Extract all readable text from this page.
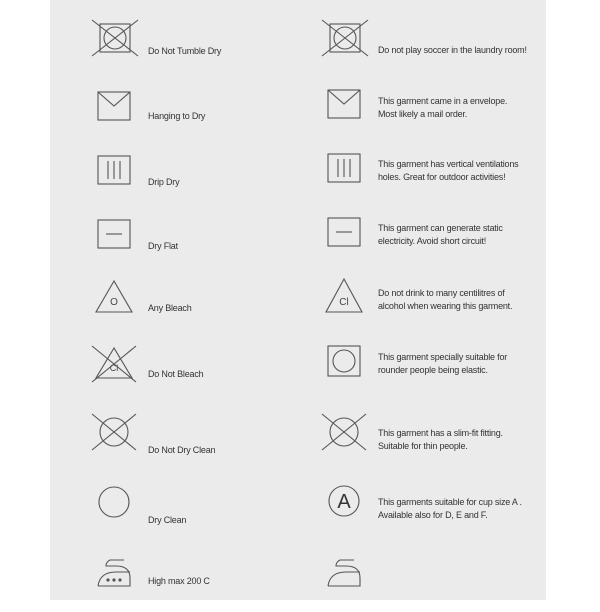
Do Not Tumble Dry
Hanging to Dry
Drip Dry
Dry Flat
O	Any Bleach
Cl
Do Not Bleach
Do Not Dry Clean
Dry Clean
High max 200 C
Do not play soccer in the laundry room!
This garment came in a envelope.
Most likely a mail order.
This garment has vertical ventilations
holes. Great for outdoor activities!
This garment can generate static
electricity. Avoid short circuit!
Cl
Do not drink to many centilitres of
alcohol when wearing this garment.
This garment specially suitable for
rounder people being elastic.
This garment has a slim-fit fitting.
Suitable for thin people.
A	This garments suitable for cup size A .
Available also for D, E and F.
